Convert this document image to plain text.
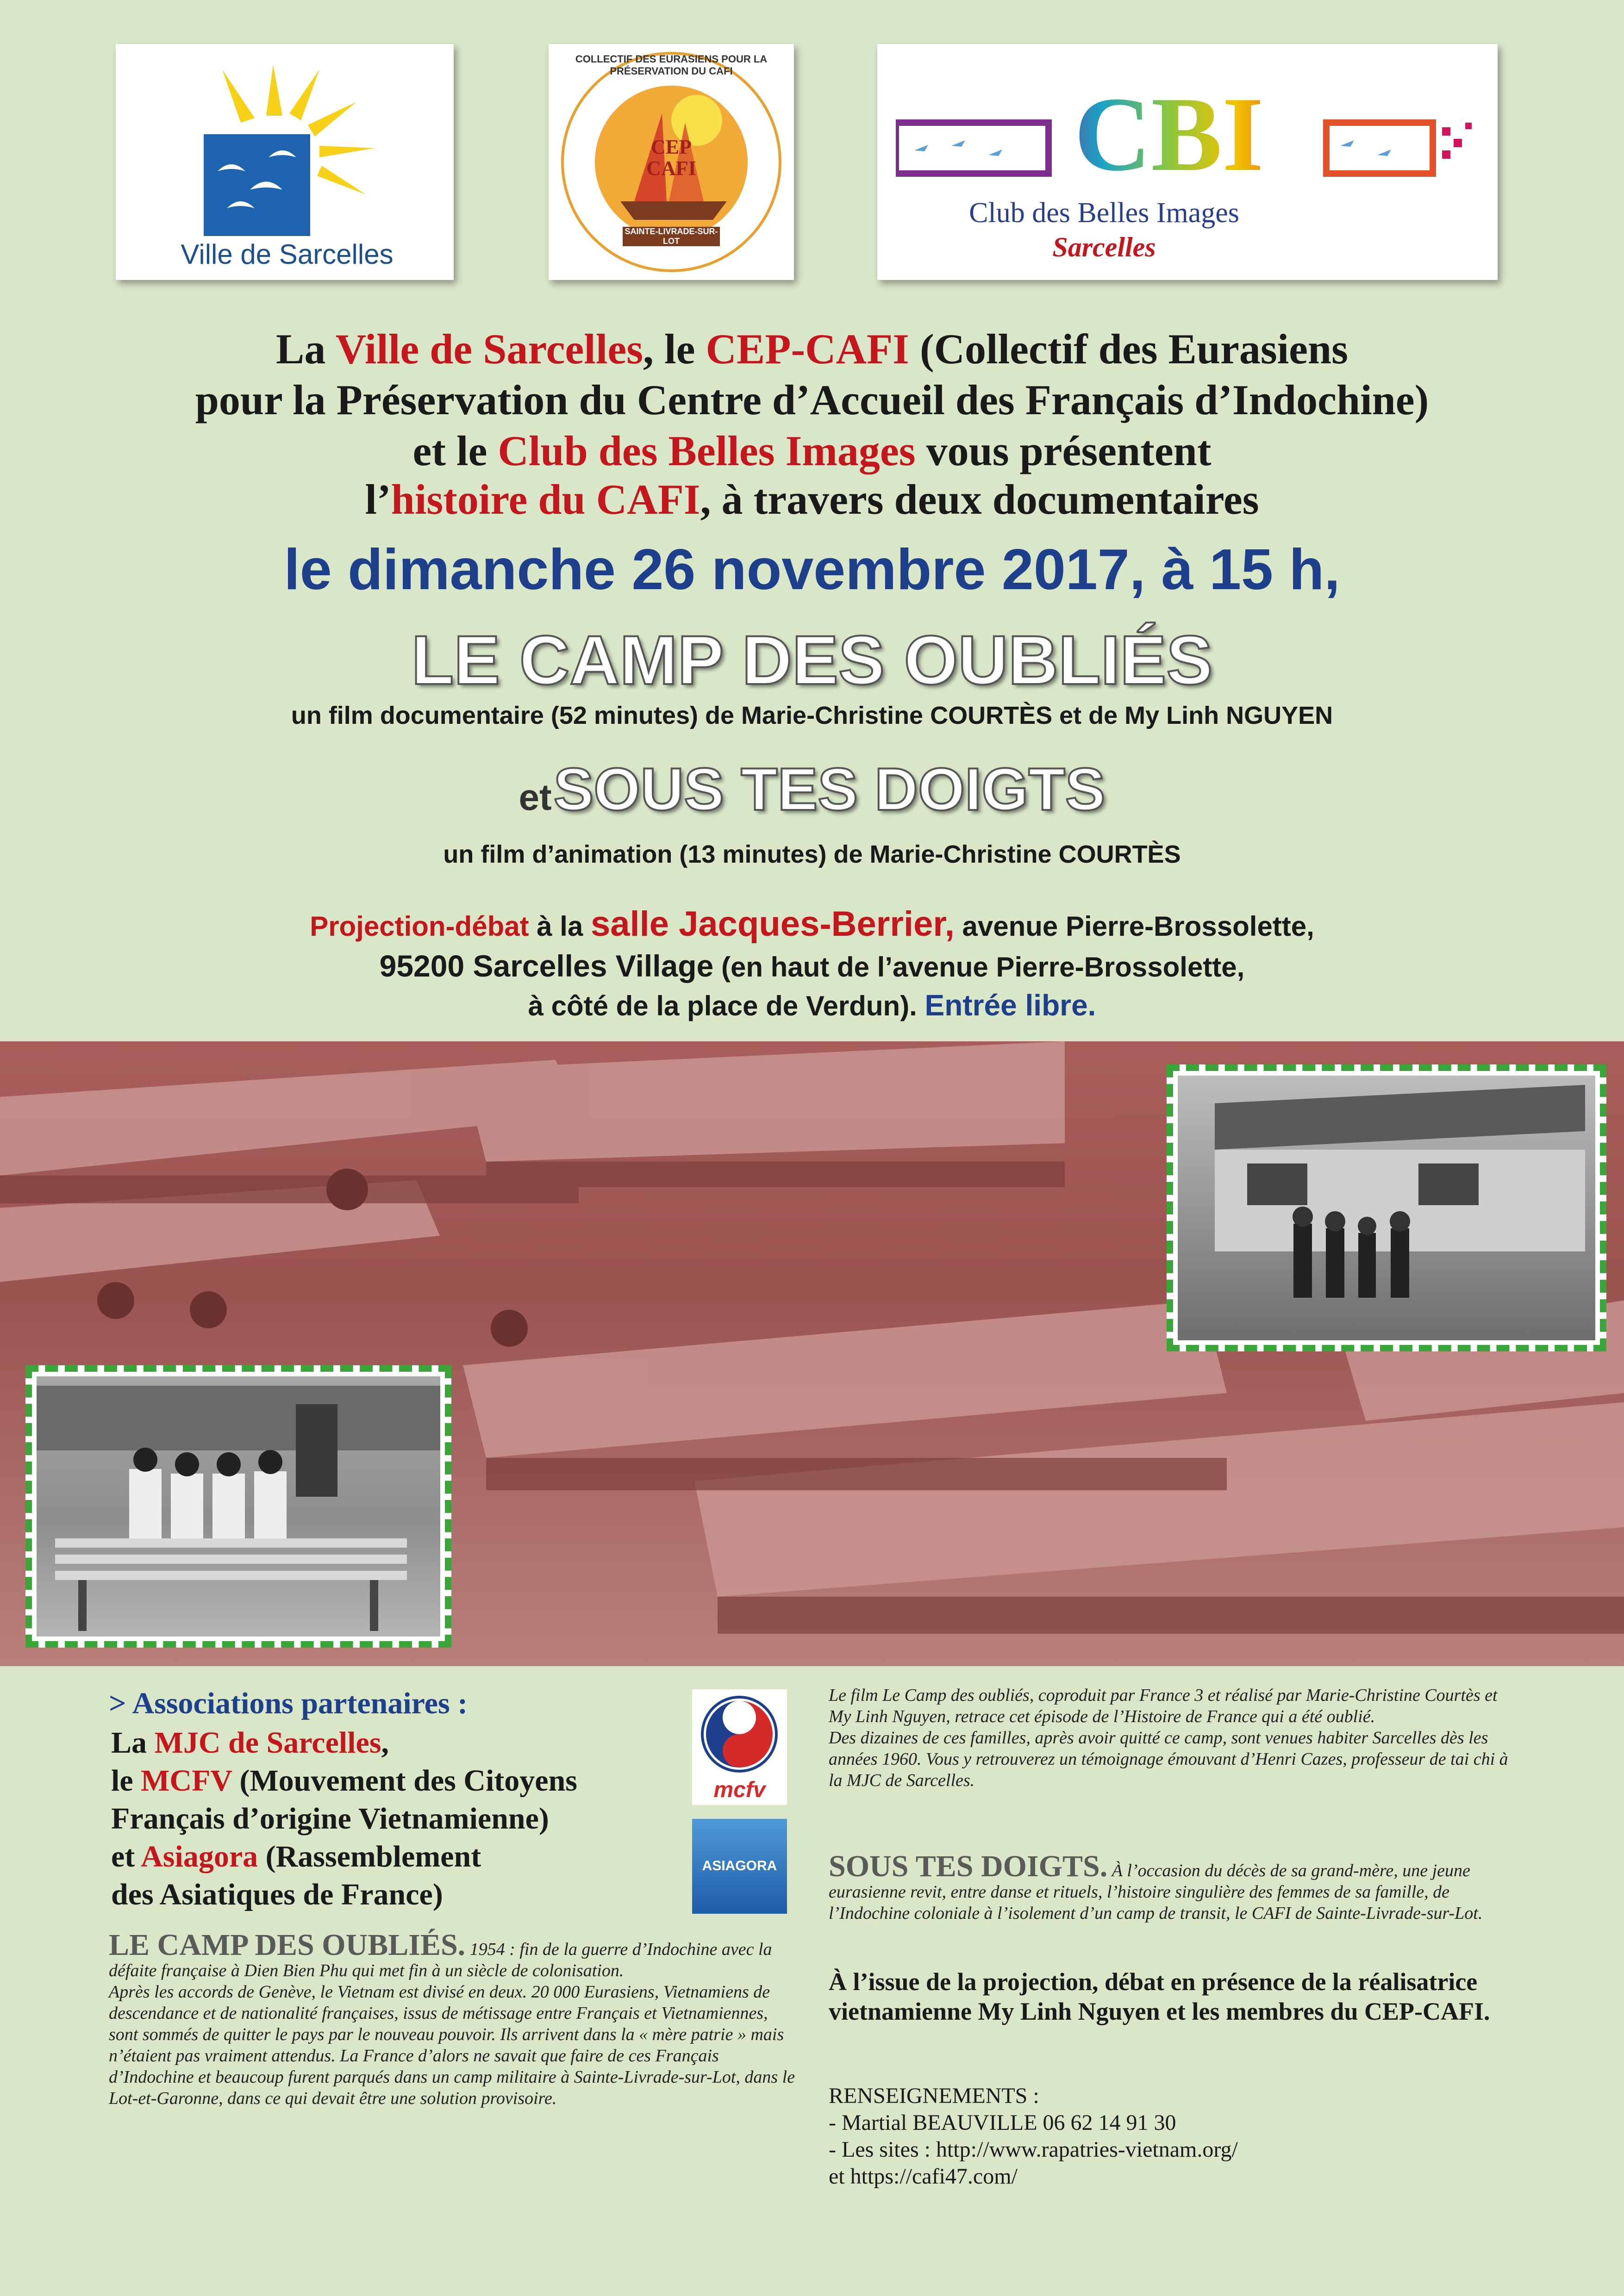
Ville de Sarcelles
CEP
CAFI
SAINTE-LIVRADE-SUR-LOT
COLLECTIF DES EURASIENS POUR LA PRÉSERVATION DU CAFI
CBI
Club des Belles Images
Sarcelles
La Ville de Sarcelles, le CEP-CAFI (Collectif des Eurasiens
pour la Préservation du Centre d’Accueil des Français d’Indochine)
et le Club des Belles Images vous présentent
l’histoire du CAFI, à travers deux documentaires
le dimanche 26 novembre 2017, à 15 h,
LE CAMP DES OUBLIÉS
un film documentaire (52 minutes) de Marie-Christine COURTÈS et de My Linh NGUYEN
et SOUS TES DOIGTS
un film d’animation (13 minutes) de Marie-Christine COURTÈS
Projection-débat à la salle Jacques-Berrier, avenue Pierre-Brossolette,
95200 Sarcelles Village (en haut de l’avenue Pierre-Brossolette,
à côté de la place de Verdun). Entrée libre.
> Associations partenaires :
La MJC de Sarcelles,
le MCFV (Mouvement des Citoyens
Français d’origine Vietnamienne)
et Asiagora (Rassemblement
des Asiatiques de France)
mcfv
ASIAGORA
LE CAMP DES OUBLIÉS. 1954 : fin de la guerre d’Indochine avec la défaite française à Dien Bien Phu qui met fin à un siècle de colonisation.
Après les accords de Genève, le Vietnam est divisé en deux. 20 000 Eurasiens, Vietnamiens de descendance et de nationalité françaises, issus de métissage entre Français et Vietnamiennes, sont sommés de quitter le pays par le nouveau pouvoir. Ils arrivent dans la « mère patrie » mais n’étaient pas vraiment attendus. La France d’alors ne savait que faire de ces Français d’Indochine et beaucoup furent parqués dans un camp militaire à Sainte-Livrade-sur-Lot, dans le Lot-et-Garonne, dans ce qui devait être une solution provisoire.
Le film Le Camp des oubliés, coproduit par France 3 et réalisé par Marie-Christine Courtès et My Linh Nguyen, retrace cet épisode de l’Histoire de France qui a été oublié.
Des dizaines de ces familles, après avoir quitté ce camp, sont venues habiter Sarcelles dès les années 1960. Vous y retrouverez un témoignage émouvant d’Henri Cazes, professeur de tai chi à la MJC de Sarcelles.
SOUS TES DOIGTS. À l’occasion du décès de sa grand-mère, une jeune eurasienne revit, entre danse et rituels, l’histoire singulière des femmes de sa famille, de l’Indochine coloniale à l’isolement d’un camp de transit, le CAFI de Sainte-Livrade-sur-Lot.
À l’issue de la projection, débat en présence de la réalisatrice vietnamienne My Linh Nguyen et les membres du CEP-CAFI.
RENSEIGNEMENTS :
- Martial BEAUVILLE 06 62 14 91 30
- Les sites : http://www.rapatries-vietnam.org/
et https://cafi47.com/
